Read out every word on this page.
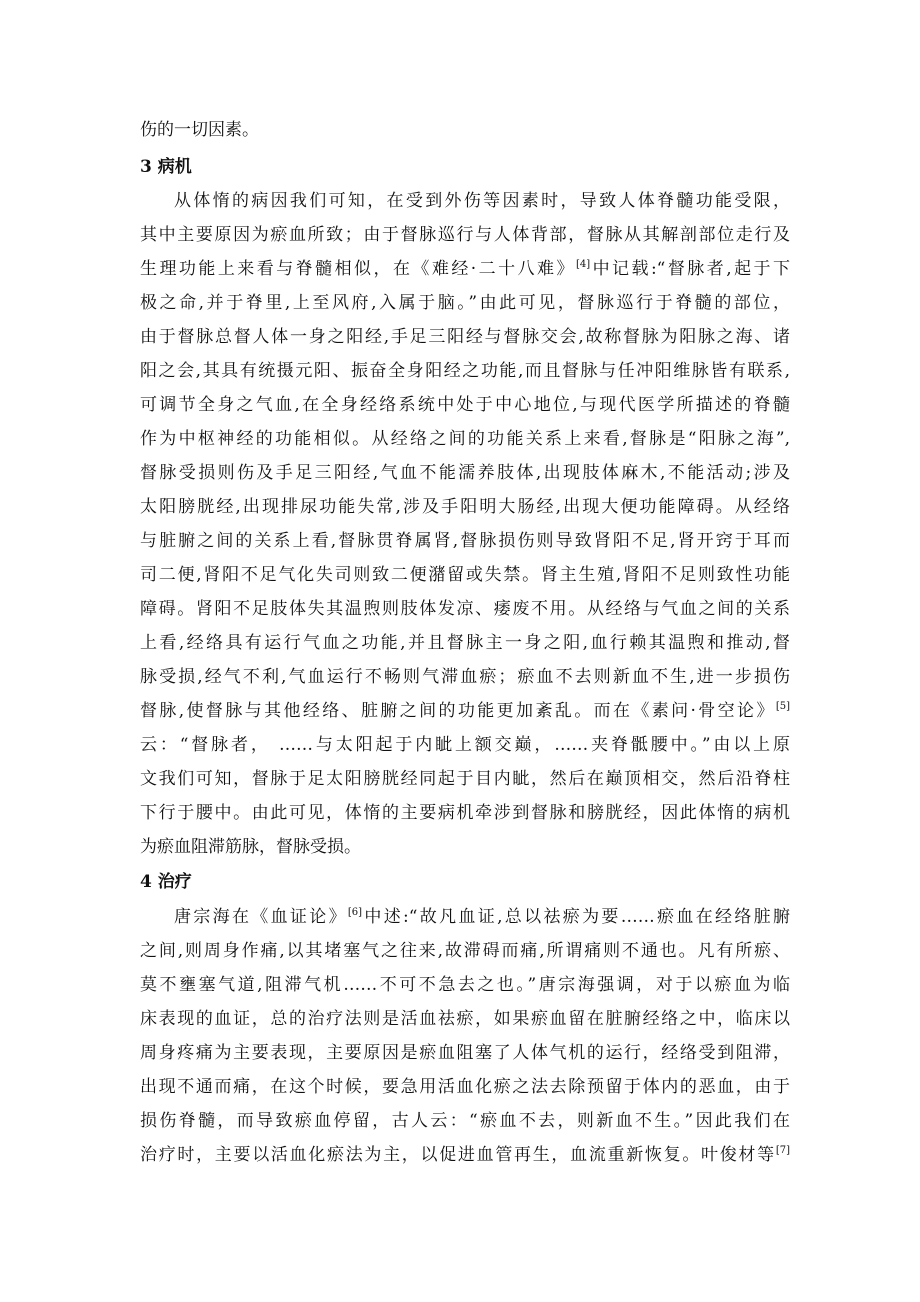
伤的一切因素。
3 病机
从体惰的病因我们可知，在受到外伤等因素时，导致人体脊髓功能受限，
其中主要原因为瘀血所致；由于督脉巡行与人体背部，督脉从其解剖部位走行及
生理功能上来看与脊髓相似，在《难经·二十八难》[4]中记载:“督脉者,起于下
极之命,并于脊里,上至风府,入属于脑。”由此可见，督脉巡行于脊髓的部位，
由于督脉总督人体一身之阳经,手足三阳经与督脉交会,故称督脉为阳脉之海、诸
阳之会,其具有统摄元阳、振奋全身阳经之功能,而且督脉与任冲阳维脉皆有联系,
可调节全身之气血,在全身经络系统中处于中心地位,与现代医学所描述的脊髓
作为中枢神经的功能相似。从经络之间的功能关系上来看,督脉是“阳脉之海”,
督脉受损则伤及手足三阳经,气血不能濡养肢体,出现肢体麻木,不能活动;涉及
太阳膀胱经,出现排尿功能失常,涉及手阳明大肠经,出现大便功能障碍。从经络
与脏腑之间的关系上看,督脉贯脊属肾,督脉损伤则导致肾阳不足,肾开窍于耳而
司二便,肾阳不足气化失司则致二便潴留或失禁。肾主生殖,肾阳不足则致性功能
障碍。肾阳不足肢体失其温煦则肢体发凉、痿废不用。从经络与气血之间的关系
上看,经络具有运行气血之功能,并且督脉主一身之阳,血行赖其温煦和推动,督
脉受损,经气不利,气血运行不畅则气滞血瘀；瘀血不去则新血不生,进一步损伤
督脉,使督脉与其他经络、脏腑之间的功能更加紊乱。而在《素问·骨空论》[5]
云：“督脉者， ……与太阳起于内眦上额交巅，……夹脊骶腰中。”由以上原
文我们可知，督脉于足太阳膀胱经同起于目内眦，然后在巅顶相交，然后沿脊柱
下行于腰中。由此可见，体惰的主要病机牵涉到督脉和膀胱经，因此体惰的病机
为瘀血阻滞筋脉，督脉受损。
4 治疗
唐宗海在《血证论》[6]中述:“故凡血证,总以祛瘀为要……瘀血在经络脏腑
之间,则周身作痛,以其堵塞气之往来,故滞碍而痛,所谓痛则不通也。凡有所瘀、
莫不壅塞气道,阻滞气机……不可不急去之也。”唐宗海强调，对于以瘀血为临
床表现的血证，总的治疗法则是活血祛瘀，如果瘀血留在脏腑经络之中，临床以
周身疼痛为主要表现，主要原因是瘀血阻塞了人体气机的运行，经络受到阻滞，
出现不通而痛，在这个时候，要急用活血化瘀之法去除预留于体内的恶血，由于
损伤脊髓，而导致瘀血停留，古人云：“瘀血不去，则新血不生。”因此我们在
治疗时，主要以活血化瘀法为主，以促进血管再生，血流重新恢复。叶俊材等[7]
